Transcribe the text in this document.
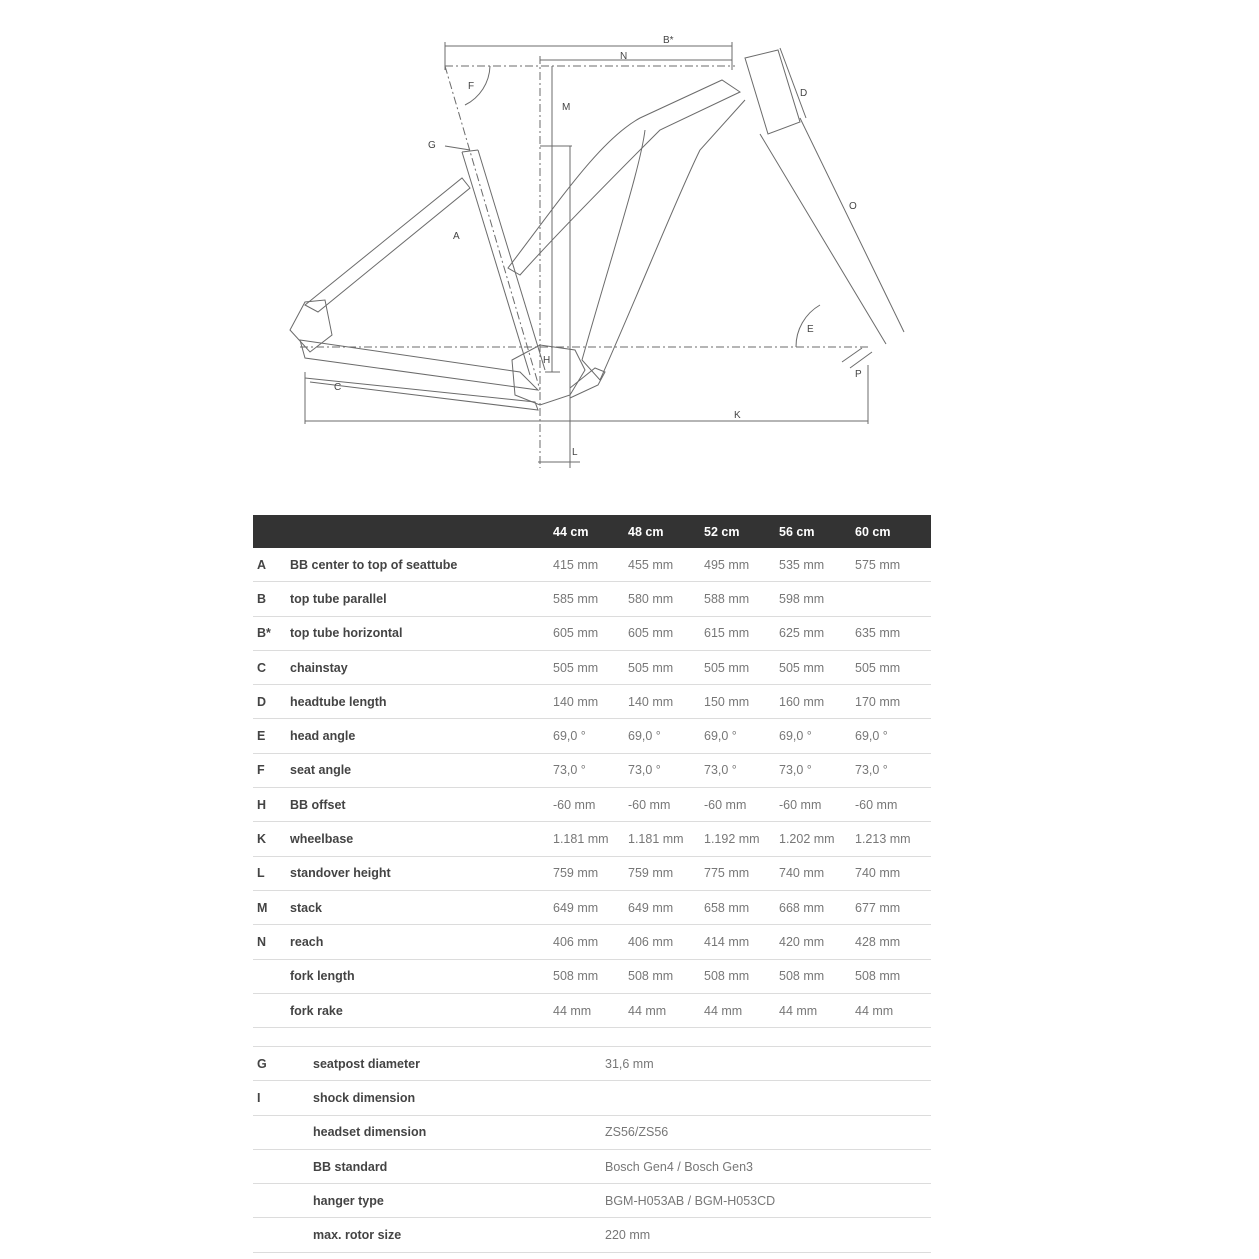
B*
N
M
F
G
A
D
O
E
H
C
K
L
P
		44 cm	48 cm	52 cm	56 cm	60 cm
A	BB center to top of seattube	415 mm	455 mm	495 mm	535 mm	575 mm
B	top tube parallel	585 mm	580 mm	588 mm	598 mm	
B*	top tube horizontal	605 mm	605 mm	615 mm	625 mm	635 mm
C	chainstay	505 mm	505 mm	505 mm	505 mm	505 mm
D	headtube length	140 mm	140 mm	150 mm	160 mm	170 mm
E	head angle	69,0 °	69,0 °	69,0 °	69,0 °	69,0 °
F	seat angle	73,0 °	73,0 °	73,0 °	73,0 °	73,0 °
H	BB offset	-60 mm	-60 mm	-60 mm	-60 mm	-60 mm
K	wheelbase	1.181 mm	1.181 mm	1.192 mm	1.202 mm	1.213 mm
L	standover height	759 mm	759 mm	775 mm	740 mm	740 mm
M	stack	649 mm	649 mm	658 mm	668 mm	677 mm
N	reach	406 mm	406 mm	414 mm	420 mm	428 mm
	fork length	508 mm	508 mm	508 mm	508 mm	508 mm
	fork rake	44 mm	44 mm	44 mm	44 mm	44 mm
G	seatpost diameter	31,6 mm
I	shock dimension	
	headset dimension	ZS56/ZS56
	BB standard	Bosch Gen4 / Bosch Gen3
	hanger type	BGM-H053AB / BGM-H053CD
	max. rotor size	220 mm
